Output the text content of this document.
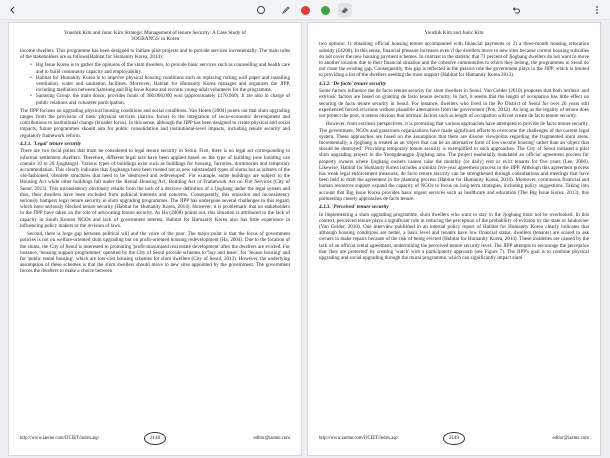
Youshik Kim and Junic Kim Strategic Management of tenure Security: A Case Study of
'JOGBANGS' in Korea

income dwellers. This programme has been designed to initiate pilot projects and to provide services incrementally. The main roles of the stakeholders are as follows(Habitat for Humanity Korea, 2014):

• Big Issue Korea is to gather the opinions of the slum dwellers, to provide basic services such as counselling and health care and to build community capacity and employability.
• Habitat for Humanity Korea is to improve physical housing conditions such as replacing rotting wall paper and installing ventilation, water and sanitation facilities. Moreover, Habitat for Humanity Korea manages and organizes the JIPP, including mediation between Samsung and Big Issue Korea and recruits young-adult volunteers for the programme.
• Samsung Group, the main donor, provides funds of 300,000,000 won (approximately £170,000). It are also in charge of public relations and volunteer participation.

The JIPP focuses on upgrading physical housing conditions and social conditions. Van Horen (2004) points out that slum upgrading ranges from the provision of basic physical services (narrow focus) to the integration of socio-economic development and contributions to institutional change (broader focus). In this sense, although the JIPP has been designed to create physical and social impacts, future programmes should aim for public consolidation and institutional-level impacts, including tenure security and regulatory framework reform.

4.3.1. 'Legal' tenure security

There are two focal points that must be considered to legal tenure security in Seoul. First, there is no legal act corresponding to informal settlement dwellers. Therefore, different legal acts have been applied based on the type of building (one building can contain 10 to 20 Jjogbangs). Various types of buildings exist such as buildings for housing, factories, dormitories and temporary accommodation. This clearly indicates that Jjogbangs have been treated not as new substandard types of slums but as subsets of the old-fashioned, obsolete structures that need to be 'destroyed and redeveloped'. For example, some buildings are subject to the Housing Act while other buildings fall under the Rental Housing Act, Building Act or Framework Act on Fire Services (City of Seoul, 2013). This inconsistency obviously results from the lack of a decisive definition of a Jjogbang under the legal system and thus, their dwellers have been excluded from political interests and concerns. Consequently, this omission and inconsistency seriously hampers legal tenure security in slum upgrading programmes. The JIPP has undergone several challenges in this regard, which have seriously blocked tenure security (Habitat for Humanity Korea, 2014). However, it is problematic that no stakeholders in the JIPP have taken on the role of advocating tenure security. As Ha (2008) points out, this situation is attributed to the lack of capacity in South Korean NGOs and lack of government interest. Habitat for Humanity Korea also has little experience in influencing policy makers or the revision of laws.

Second, there is huge gap between political will and the voice of the poor. The major point is that the focus of government policies is not on welfare-oriented slum upgrading but on profit-oriented housing redevelopment (Ha, 2004). Due to the location of the slums, the City of Seoul is interested in promoting 'profit-maximised real estate development' after the dwellers are evicted. For instance, 'housing support programmes' operated by the City of Seoul provide schemes to 'buy and lease', for 'Jeonse housing' and for 'public rental housing', which are low-cost housing schemes for slum dwellers (City of Seoul, 2013). However, the underlying assumption of these schemes is that the slum dwellers should move to new sites appointed by the government. The government forces the dwellers to make a choice between

http://www.iaeme.com/IJCIET/index.asp	2148	editor@iaeme.com
Youshik Kim and Junic Kim

two options: 1) obtaining official housing tenure accompanied with financial payments or 2) a three-month housing relocation subsidy (£4200). In this sense, financial pressure increases even if the dwellers move to new sites because current housing subsidies do not cover the new housing payment schemes. In contrast to the statistic that 71 percent of Jjogbang dwellers do not want to move to another location due to their financial situation and the cohesive communities to which they belong, the programmes in Seoul do not close the existing gap. Consequently, this gap is reflected in the passive role the government plays in the JIPP, which is limited to providing a list of the dwellers needing the most support (Habitat for Humanity Korea 2013).

4.3.2. 'De facto' tenure security

Some factors influence the de facto tenure security for slum dwellers in Seoul. Van Gelder (2010) proposes that both intrinsic and extrinsic factors are based on granting de facto tenure security. In fact, it seems that the length of occupation has little effect on securing de facto tenure security in Seoul. For instance, dwellers who lived in the Po District of Seoul for over 20 years still experienced forced evictions without plausible alternatives from the government (Pon, 2012). As long as the legality of tenure does not protect the poor, it seems obvious that intrinsic factors such as length of occupation will not create de facto tenure security.

However, from extrinsic perspectives, it is promising that various approaches have attempted to provide de facto tenure security. The government, NGOs and grassroots organizations have made significant efforts to overcome the challenges of the current legal system. These approaches are based on the assumption that there are diverse viewpoints regarding the fragmented slum areas. Incrementally, a Jjogbang is treated as an 'object that can be an alternative form of low-income housing' rather than an 'object that should be destroyed'. Providing temporary tenure security is exemplified in such approaches. The City of Seoul initiated a pilot slum upgrading project in the Yeongdeungpo Jjogbang area. The project essentially mandated an official agreement process for property owners where Jjogbang owners cannot raise the monthly (or daily) rent or evict tenants for five years (Lee, 2006). Likewise, Habitat for Humanity Korea includes a similar five-year agreement process in the JIPP. Although this agreement process has weak legal enforcement measures, de facto tenure security can be strengthened through consultations and meetings that have been held to draft the agreement in the planning process (Habitat for Humanity Korea, 2014). Moreover, continuous financial and human resources support expand the capacity of NGOs to focus on long-term strategies, including policy suggestions. Taking into account that Big Issue Korea provides basic urgent services such as healthcare and education (The Big Issue Korea, 2013), this partnership closely approaches de facto tenure.

4.3.3. 'Perceived' tenure security

In implementing a slum upgrading programme, slum dwellers who want to stay in the Jjogbang must not be overlooked. In this context, perceived tenure plays a significant role in reducing the perception of the probability of eviction by the state or landowner (Van Gelder, 2010). One interview published in an internal policy report of Habitat for Humanity Korea clearly indicates that although housing conditions are better, a basic level and tenants have low financial status, dwellers (tenants) are scared to ask owners to make repairs because of the risk of being evicted (Habitat for Humanity Korea, 2014). These insideties are caused by the lack of an official rental agreement, undermining the perceived tenure security level. The JIPP attempts to encourage the perception that 'they are protected' by creating 'watch' with a participatory approach (see Figure 7). The JIPP's goal is to combine physical upgrading and social upgrading through the mural programme, which can significantly impact slum

http://www.iaeme.com/IJCIET/index.asp	2149	editor@iaeme.com
